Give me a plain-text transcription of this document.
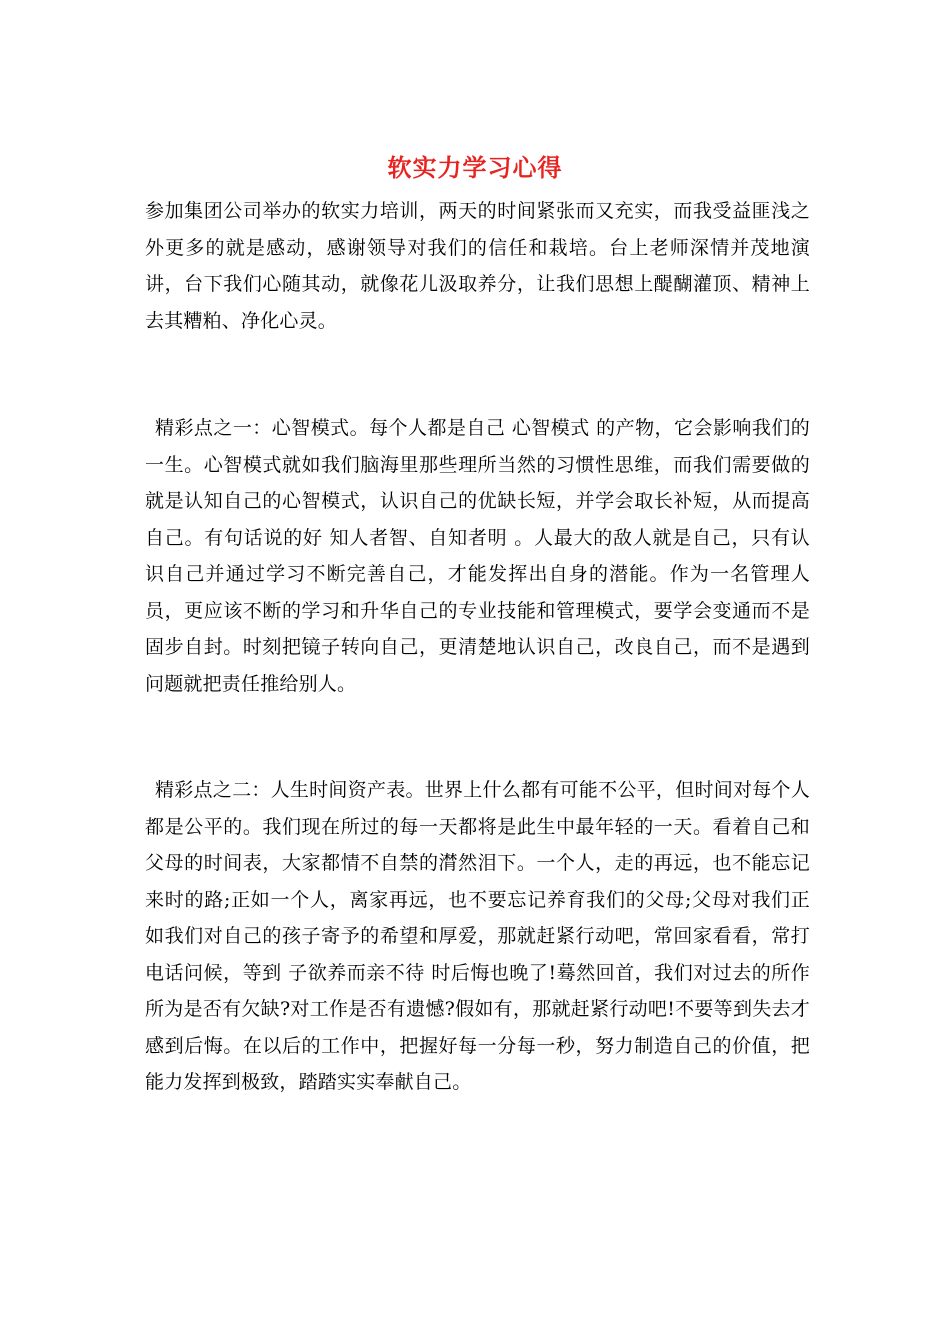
软实力学习心得

参加集团公司举办的软实力培训，两天的时间紧张而又充实，而我受益匪浅之外更多的就是感动，感谢领导对我们的信任和栽培。台上老师深情并茂地演讲，台下我们心随其动，就像花儿汲取养分，让我们思想上醍醐灌顶、精神上去其糟粕、净化心灵。

精彩点之一：心智模式。每个人都是自己 心智模式 的产物，它会影响我们的一生。心智模式就如我们脑海里那些理所当然的习惯性思维，而我们需要做的就是认知自己的心智模式，认识自己的优缺长短，并学会取长补短，从而提高自己。有句话说的好 知人者智、自知者明 。人最大的敌人就是自己，只有认识自己并通过学习不断完善自己，才能发挥出自身的潜能。作为一名管理人员，更应该不断的学习和升华自己的专业技能和管理模式，要学会变通而不是固步自封。时刻把镜子转向自己，更清楚地认识自己，改良自己，而不是遇到问题就把责任推给别人。

精彩点之二：人生时间资产表。世界上什么都有可能不公平，但时间对每个人都是公平的。我们现在所过的每一天都将是此生中最年轻的一天。看着自己和父母的时间表，大家都情不自禁的潸然泪下。一个人，走的再远，也不能忘记来时的路;正如一个人，离家再远，也不要忘记养育我们的父母;父母对我们正如我们对自己的孩子寄予的希望和厚爱，那就赶紧行动吧，常回家看看，常打电话问候，等到 子欲养而亲不待 时后悔也晚了!蓦然回首，我们对过去的所作所为是否有欠缺?对工作是否有遗憾?假如有，那就赶紧行动吧!不要等到失去才感到后悔。在以后的工作中，把握好每一分每一秒，努力制造自己的价值，把能力发挥到极致，踏踏实实奉献自己。
